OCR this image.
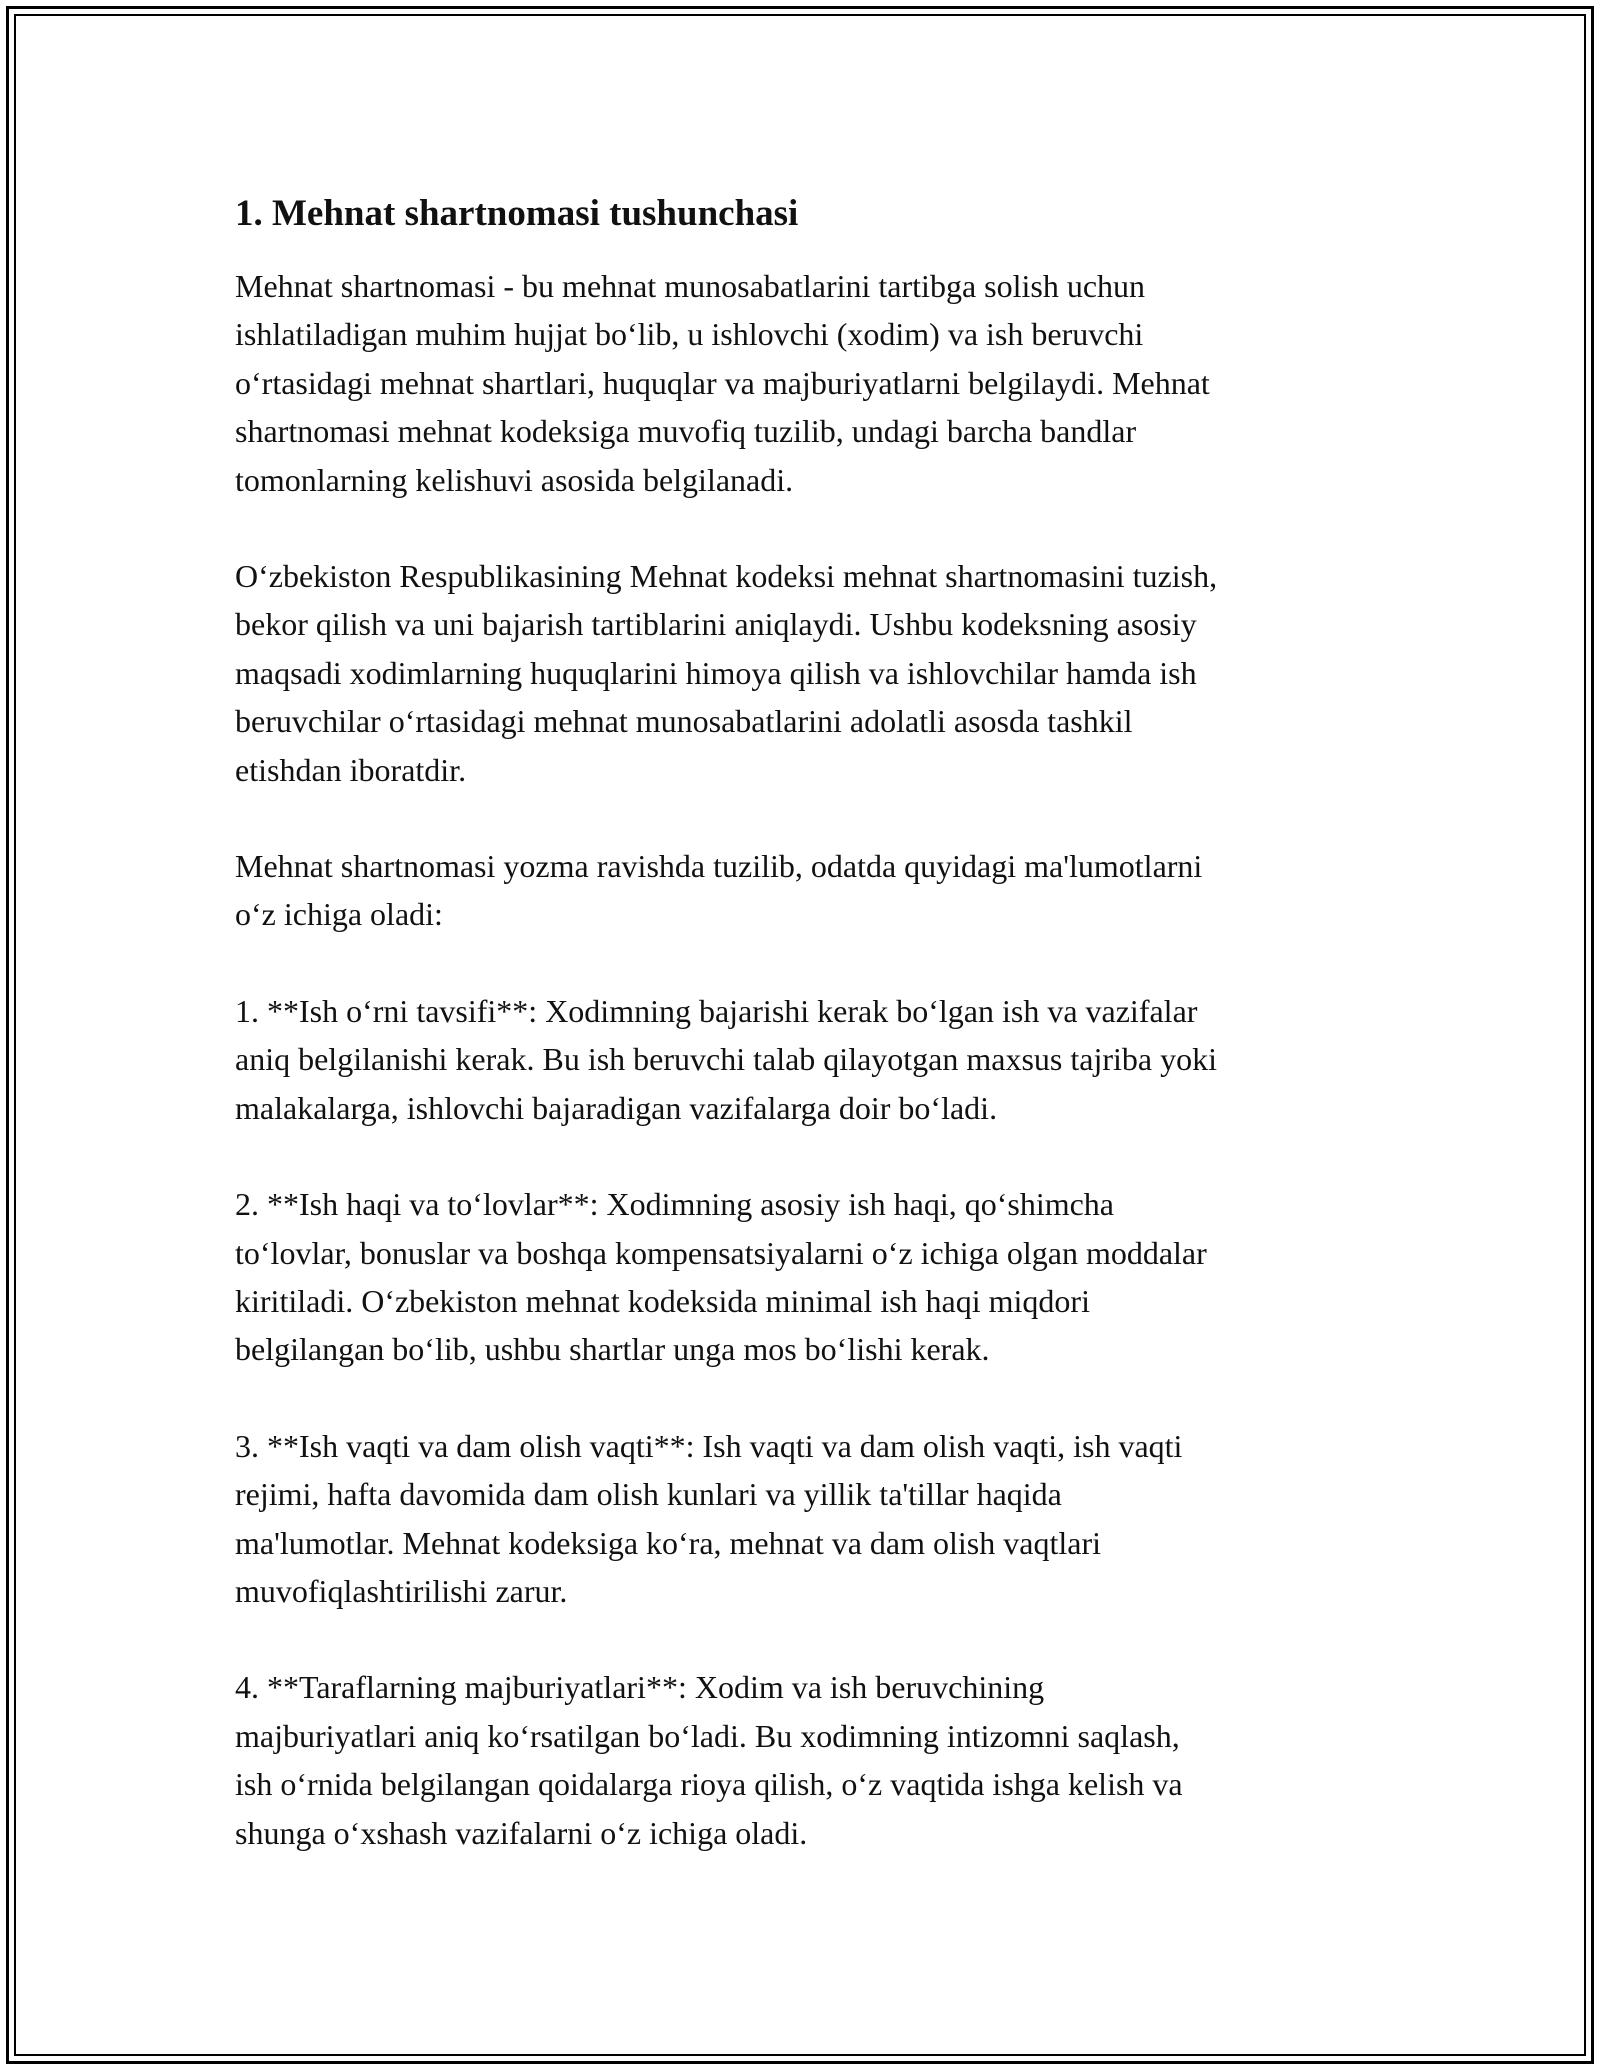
1. Mehnat shartnomasi tushunchasi

Mehnat shartnomasi - bu mehnat munosabatlarini tartibga solish uchun
ishlatiladigan muhim hujjat bo‘lib, u ishlovchi (xodim) va ish beruvchi
o‘rtasidagi mehnat shartlari, huquqlar va majburiyatlarni belgilaydi. Mehnat
shartnomasi mehnat kodeksiga muvofiq tuzilib, undagi barcha bandlar
tomonlarning kelishuvi asosida belgilanadi.

O‘zbekiston Respublikasining Mehnat kodeksi mehnat shartnomasini tuzish,
bekor qilish va uni bajarish tartiblarini aniqlaydi. Ushbu kodeksning asosiy
maqsadi xodimlarning huquqlarini himoya qilish va ishlovchilar hamda ish
beruvchilar o‘rtasidagi mehnat munosabatlarini adolatli asosda tashkil
etishdan iboratdir.

Mehnat shartnomasi yozma ravishda tuzilib, odatda quyidagi ma'lumotlarni
o‘z ichiga oladi:

1. **Ish o‘rni tavsifi**: Xodimning bajarishi kerak bo‘lgan ish va vazifalar
aniq belgilanishi kerak. Bu ish beruvchi talab qilayotgan maxsus tajriba yoki
malakalarga, ishlovchi bajaradigan vazifalarga doir bo‘ladi.

2. **Ish haqi va to‘lovlar**: Xodimning asosiy ish haqi, qo‘shimcha
to‘lovlar, bonuslar va boshqa kompensatsiyalarni o‘z ichiga olgan moddalar
kiritiladi. O‘zbekiston mehnat kodeksida minimal ish haqi miqdori
belgilangan bo‘lib, ushbu shartlar unga mos bo‘lishi kerak.

3. **Ish vaqti va dam olish vaqti**: Ish vaqti va dam olish vaqti, ish vaqti
rejimi, hafta davomida dam olish kunlari va yillik ta'tillar haqida
ma'lumotlar. Mehnat kodeksiga ko‘ra, mehnat va dam olish vaqtlari
muvofiqlashtirilishi zarur.

4. **Taraflarning majburiyatlari**: Xodim va ish beruvchining
majburiyatlari aniq ko‘rsatilgan bo‘ladi. Bu xodimning intizomni saqlash,
ish o‘rnida belgilangan qoidalarga rioya qilish, o‘z vaqtida ishga kelish va
shunga o‘xshash vazifalarni o‘z ichiga oladi.
